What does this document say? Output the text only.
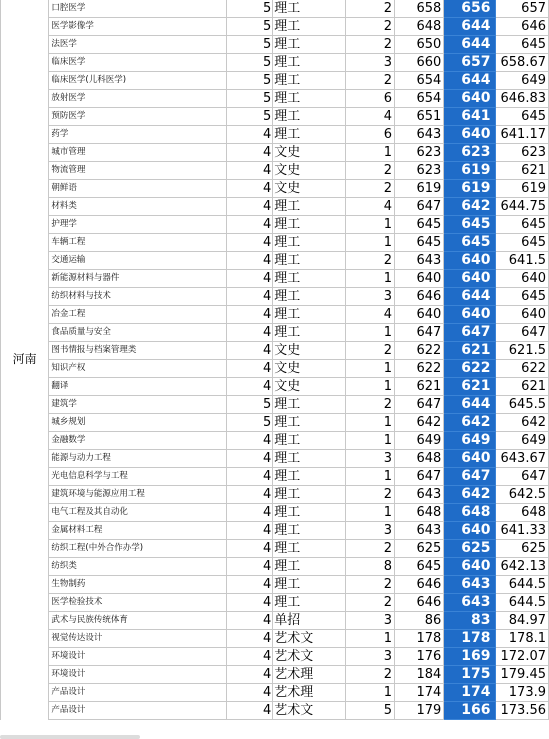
河南	口腔医学	5	理工	2	658	656	657
	医学影像学	5	理工	2	648	644	646
	法医学	5	理工	2	650	644	645
	临床医学	5	理工	3	660	657	658.67
	临床医学(儿科医学)	5	理工	2	654	644	649
	放射医学	5	理工	6	654	640	646.83
	预防医学	5	理工	4	651	641	645
	药学	4	理工	6	643	640	641.17
	城市管理	4	文史	1	623	623	623
	物流管理	4	文史	2	623	619	621
	朝鲜语	4	文史	2	619	619	619
	材料类	4	理工	4	647	642	644.75
	护理学	4	理工	1	645	645	645
	车辆工程	4	理工	1	645	645	645
	交通运输	4	理工	2	643	640	641.5
	新能源材料与器件	4	理工	1	640	640	640
	纺织材料与技术	4	理工	3	646	644	645
	冶金工程	4	理工	4	640	640	640
	食品质量与安全	4	理工	1	647	647	647
	图书情报与档案管理类	4	文史	2	622	621	621.5
	知识产权	4	文史	1	622	622	622
	翻译	4	文史	1	621	621	621
	建筑学	5	理工	2	647	644	645.5
	城乡规划	5	理工	1	642	642	642
	金融数学	4	理工	1	649	649	649
	能源与动力工程	4	理工	3	648	640	643.67
	光电信息科学与工程	4	理工	1	647	647	647
	建筑环境与能源应用工程	4	理工	2	643	642	642.5
	电气工程及其自动化	4	理工	1	648	648	648
	金属材料工程	4	理工	3	643	640	641.33
	纺织工程(中外合作办学)	4	理工	2	625	625	625
	纺织类	4	理工	8	645	640	642.13
	生物制药	4	理工	2	646	643	644.5
	医学检验技术	4	理工	2	646	643	644.5
	武术与民族传统体育	4	单招	3	86	83	84.97
	视觉传达设计	4	艺术文	1	178	178	178.1
	环境设计	4	艺术文	3	176	169	172.07
	环境设计	4	艺术理	2	184	175	179.45
	产品设计	4	艺术理	1	174	174	173.9
	产品设计	4	艺术文	5	179	166	173.56
